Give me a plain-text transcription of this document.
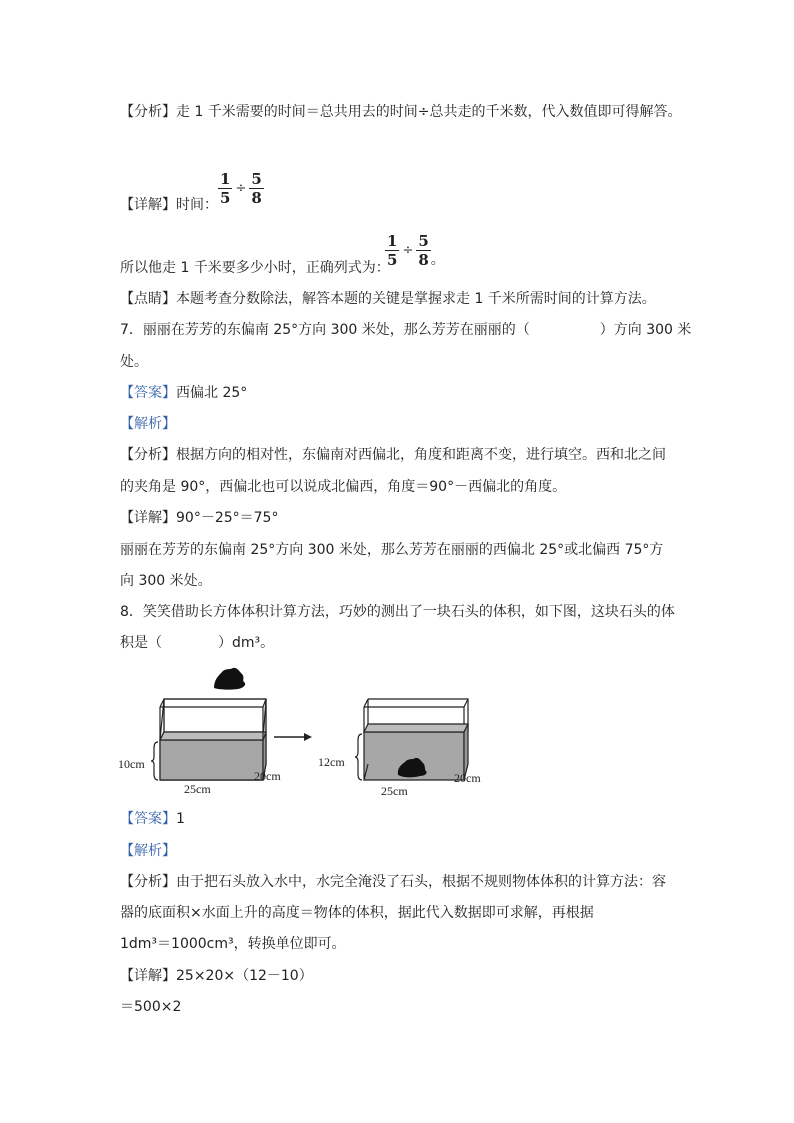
【分析】走 1 千米需要的时间＝总共用去的时间÷总共走的千米数，代入数值即可得解答。
【详解】时间： $\frac{1}{5} \div \frac{5}{8}$
所以他走 1 千米要多少小时，正确列式为：
$\frac{1}{5} \div \frac{5}{8}$ 。
【点睛】本题考查分数除法，解答本题的关键是掌握求走 1 千米所需时间的计算方法。
7．丽丽在芳芳的东偏南 25°方向 300 米处，那么芳芳在丽丽的（　　　　　）方向 300 米
处。
【答案】西偏北 25°
【解析】
【分析】根据方向的相对性，东偏南对西偏北，角度和距离不变，进行填空。西和北之间
的夹角是 90°，西偏北也可以说成北偏西，角度＝90°－西偏北的角度。
【详解】90°－25°＝75°
丽丽在芳芳的东偏南 25°方向 300 米处，那么芳芳在丽丽的西偏北 25°或北偏西 75°方
向 300 米处。
8．笑笑借助长方体体积计算方法，巧妙的测出了一块石头的体积，如下图，这块石头的体
积是（　　　　）dm³。
10cm
25cm
20cm
12cm
25cm
20cm
【答案】1
【解析】
【分析】由于把石头放入水中，水完全淹没了石头，根据不规则物体体积的计算方法：容
器的底面积×水面上升的高度＝物体的体积，据此代入数据即可求解，再根据
1dm³＝1000cm³，转换单位即可。
【详解】25×20×（12－10）
＝500×2
